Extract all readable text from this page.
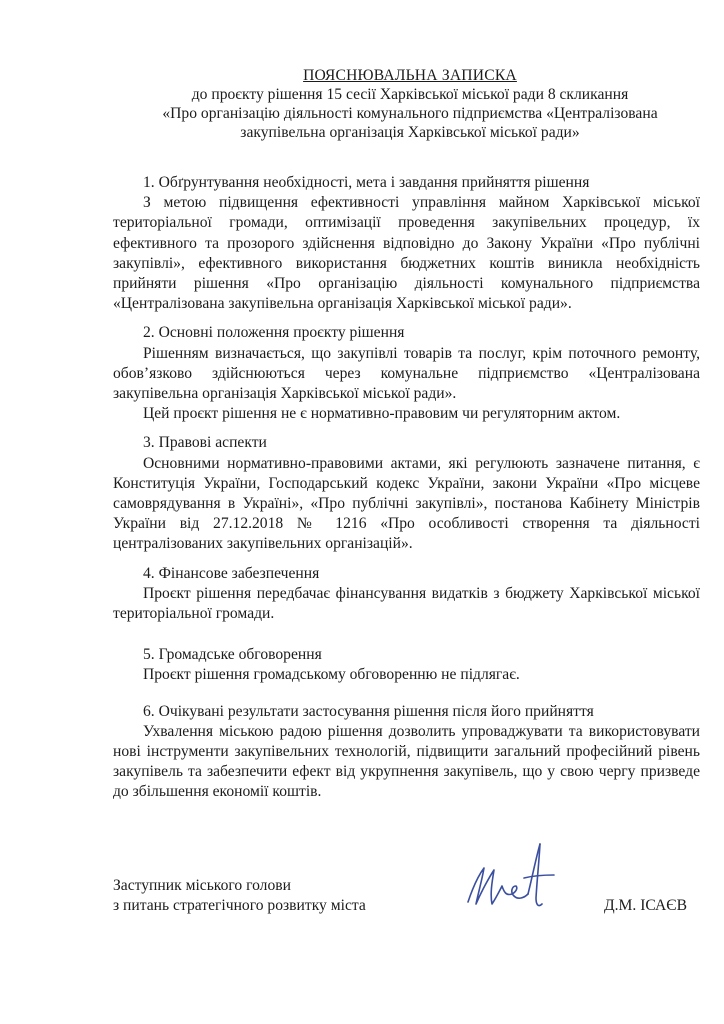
ПОЯСНЮВАЛЬНА ЗАПИСКА
до проєкту рішення 15 сесії Харківської міської ради 8 скликання
«Про організацію діяльності комунального підприємства «Централізована
закупівельна організація Харківської міської ради»

1. Обґрунтування необхідності, мета і завдання прийняття рішення

З метою підвищення ефективності управління майном Харківської міської територіальної громади, оптимізації проведення закупівельних процедур, їх ефективного та прозорого здійснення відповідно до Закону України «Про публічні закупівлі», ефективного використання бюджетних коштів виникла необхідність прийняти рішення «Про організацію діяльності комунального підприємства «Централізована закупівельна організація Харківської міської ради».

2. Основні положення проєкту рішення

Рішенням визначається, що закупівлі товарів та послуг, крім поточного ремонту, обов’язково здійснюються через комунальне підприємство «Централізована закупівельна організація Харківської міської ради».

Цей проєкт рішення не є нормативно-правовим чи регуляторним актом.

3. Правові аспекти

Основними нормативно-правовими актами, які регулюють зазначене питання, є Конституція України, Господарський кодекс України, закони України «Про місцеве самоврядування в Україні», «Про публічні закупівлі», постанова Кабінету Міністрів України від 27.12.2018 № 1216 «Про особливості створення та діяльності централізованих закупівельних організацій».

4. Фінансове забезпечення

Проєкт рішення передбачає фінансування видатків з бюджету Харківської міської територіальної громади.

5. Громадське обговорення

Проєкт рішення громадському обговоренню не підлягає.

6. Очікувані результати застосування рішення після його прийняття

Ухвалення міською радою рішення дозволить упроваджувати та використовувати нові інструменти закупівельних технологій, підвищити загальний професійний рівень закупівель та забезпечити ефект від укрупнення закупівель, що у свою чергу призведе до збільшення економії коштів.

Заступник міського голови
з питань стратегічного розвитку міста	Д.М. ІСАЄВ
